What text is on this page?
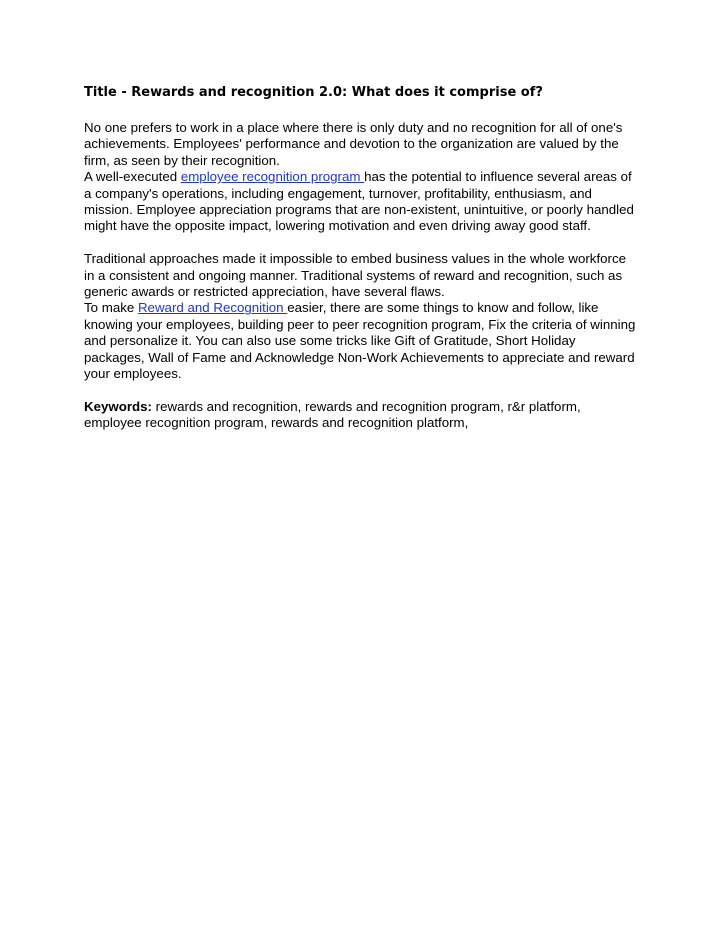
Title - Rewards and recognition 2.0: What does it comprise of?

No one prefers to work in a place where there is only duty and no recognition for all of one's achievements. Employees' performance and devotion to the organization are valued by the firm, as seen by their recognition.

A well-executed employee recognition program has the potential to influence several areas of a company's operations, including engagement, turnover, profitability, enthusiasm, and mission. Employee appreciation programs that are non-existent, unintuitive, or poorly handled might have the opposite impact, lowering motivation and even driving away good staff.

Traditional approaches made it impossible to embed business values in the whole workforce in a consistent and ongoing manner. Traditional systems of reward and recognition, such as generic awards or restricted appreciation, have several flaws.

To make Reward and Recognition easier, there are some things to know and follow, like knowing your employees, building peer to peer recognition program, Fix the criteria of winning and personalize it. You can also use some tricks like Gift of Gratitude, Short Holiday packages, Wall of Fame and Acknowledge Non-Work Achievements to appreciate and reward your employees.

Keywords: rewards and recognition, rewards and recognition program, r&r platform, employee recognition program, rewards and recognition platform,
